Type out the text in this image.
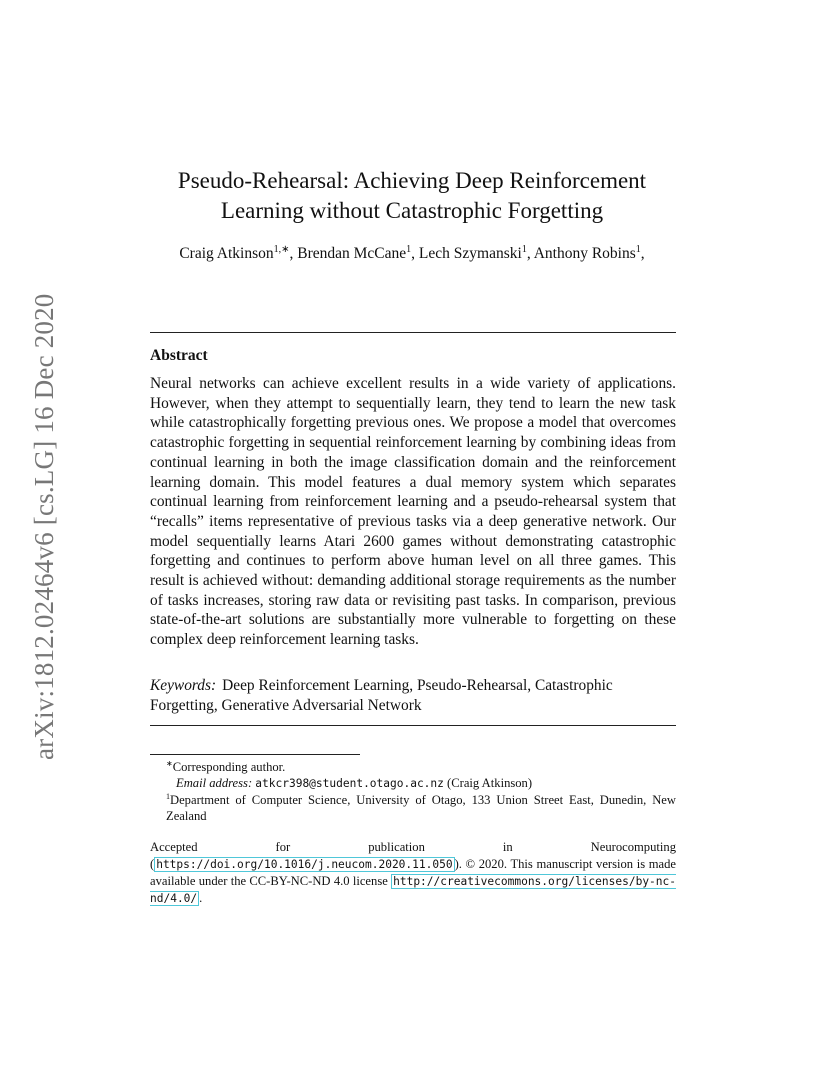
arXiv:1812.02464v6 [cs.LG] 16 Dec 2020
Pseudo-Rehearsal: Achieving Deep Reinforcement
Learning without Catastrophic Forgetting
Craig Atkinson$^{1,∗}$, Brendan McCane$^1$, Lech Szymanski$^1$, Anthony Robins$^1$,
Abstract
Neural networks can achieve excellent results in a wide variety of applications. However, when they attempt to sequentially learn, they tend to learn the new task while catastrophically forgetting previous ones. We propose a model that overcomes catastrophic forgetting in sequential reinforcement learning by combining ideas from continual learning in both the image classification domain and the reinforcement learning domain. This model features a dual memory system which separates continual learning from reinforcement learning and a pseudo-rehearsal system that “recalls” items representative of previous tasks via a deep generative network. Our model sequentially learns Atari 2600 games without demonstrating catastrophic forgetting and continues to perform above human level on all three games. This result is achieved without: demanding additional storage requirements as the number of tasks increases, storing raw data or revisiting past tasks. In comparison, previous state-of-the-art solutions are substantially more vulnerable to forgetting on these complex deep reinforcement learning tasks.
Keywords: Deep Reinforcement Learning, Pseudo-Rehearsal, Catastrophic Forgetting, Generative Adversarial Network

∗Corresponding author.

Email address: atkcr398@student.otago.ac.nz (Craig Atkinson)

$^1$Department of Computer Science, University of Otago, 133 Union Street East, Dunedin, New Zealand

Accepted for publication in Neurocomputing ( https://doi.org/10.1016/j.neucom.2020.11.050 ). © 2020. This manuscript version is made available under the CC-BY-NC-ND 4.0 license http://creativecommons.org/licenses/by-nc-nd/4.0/ .
